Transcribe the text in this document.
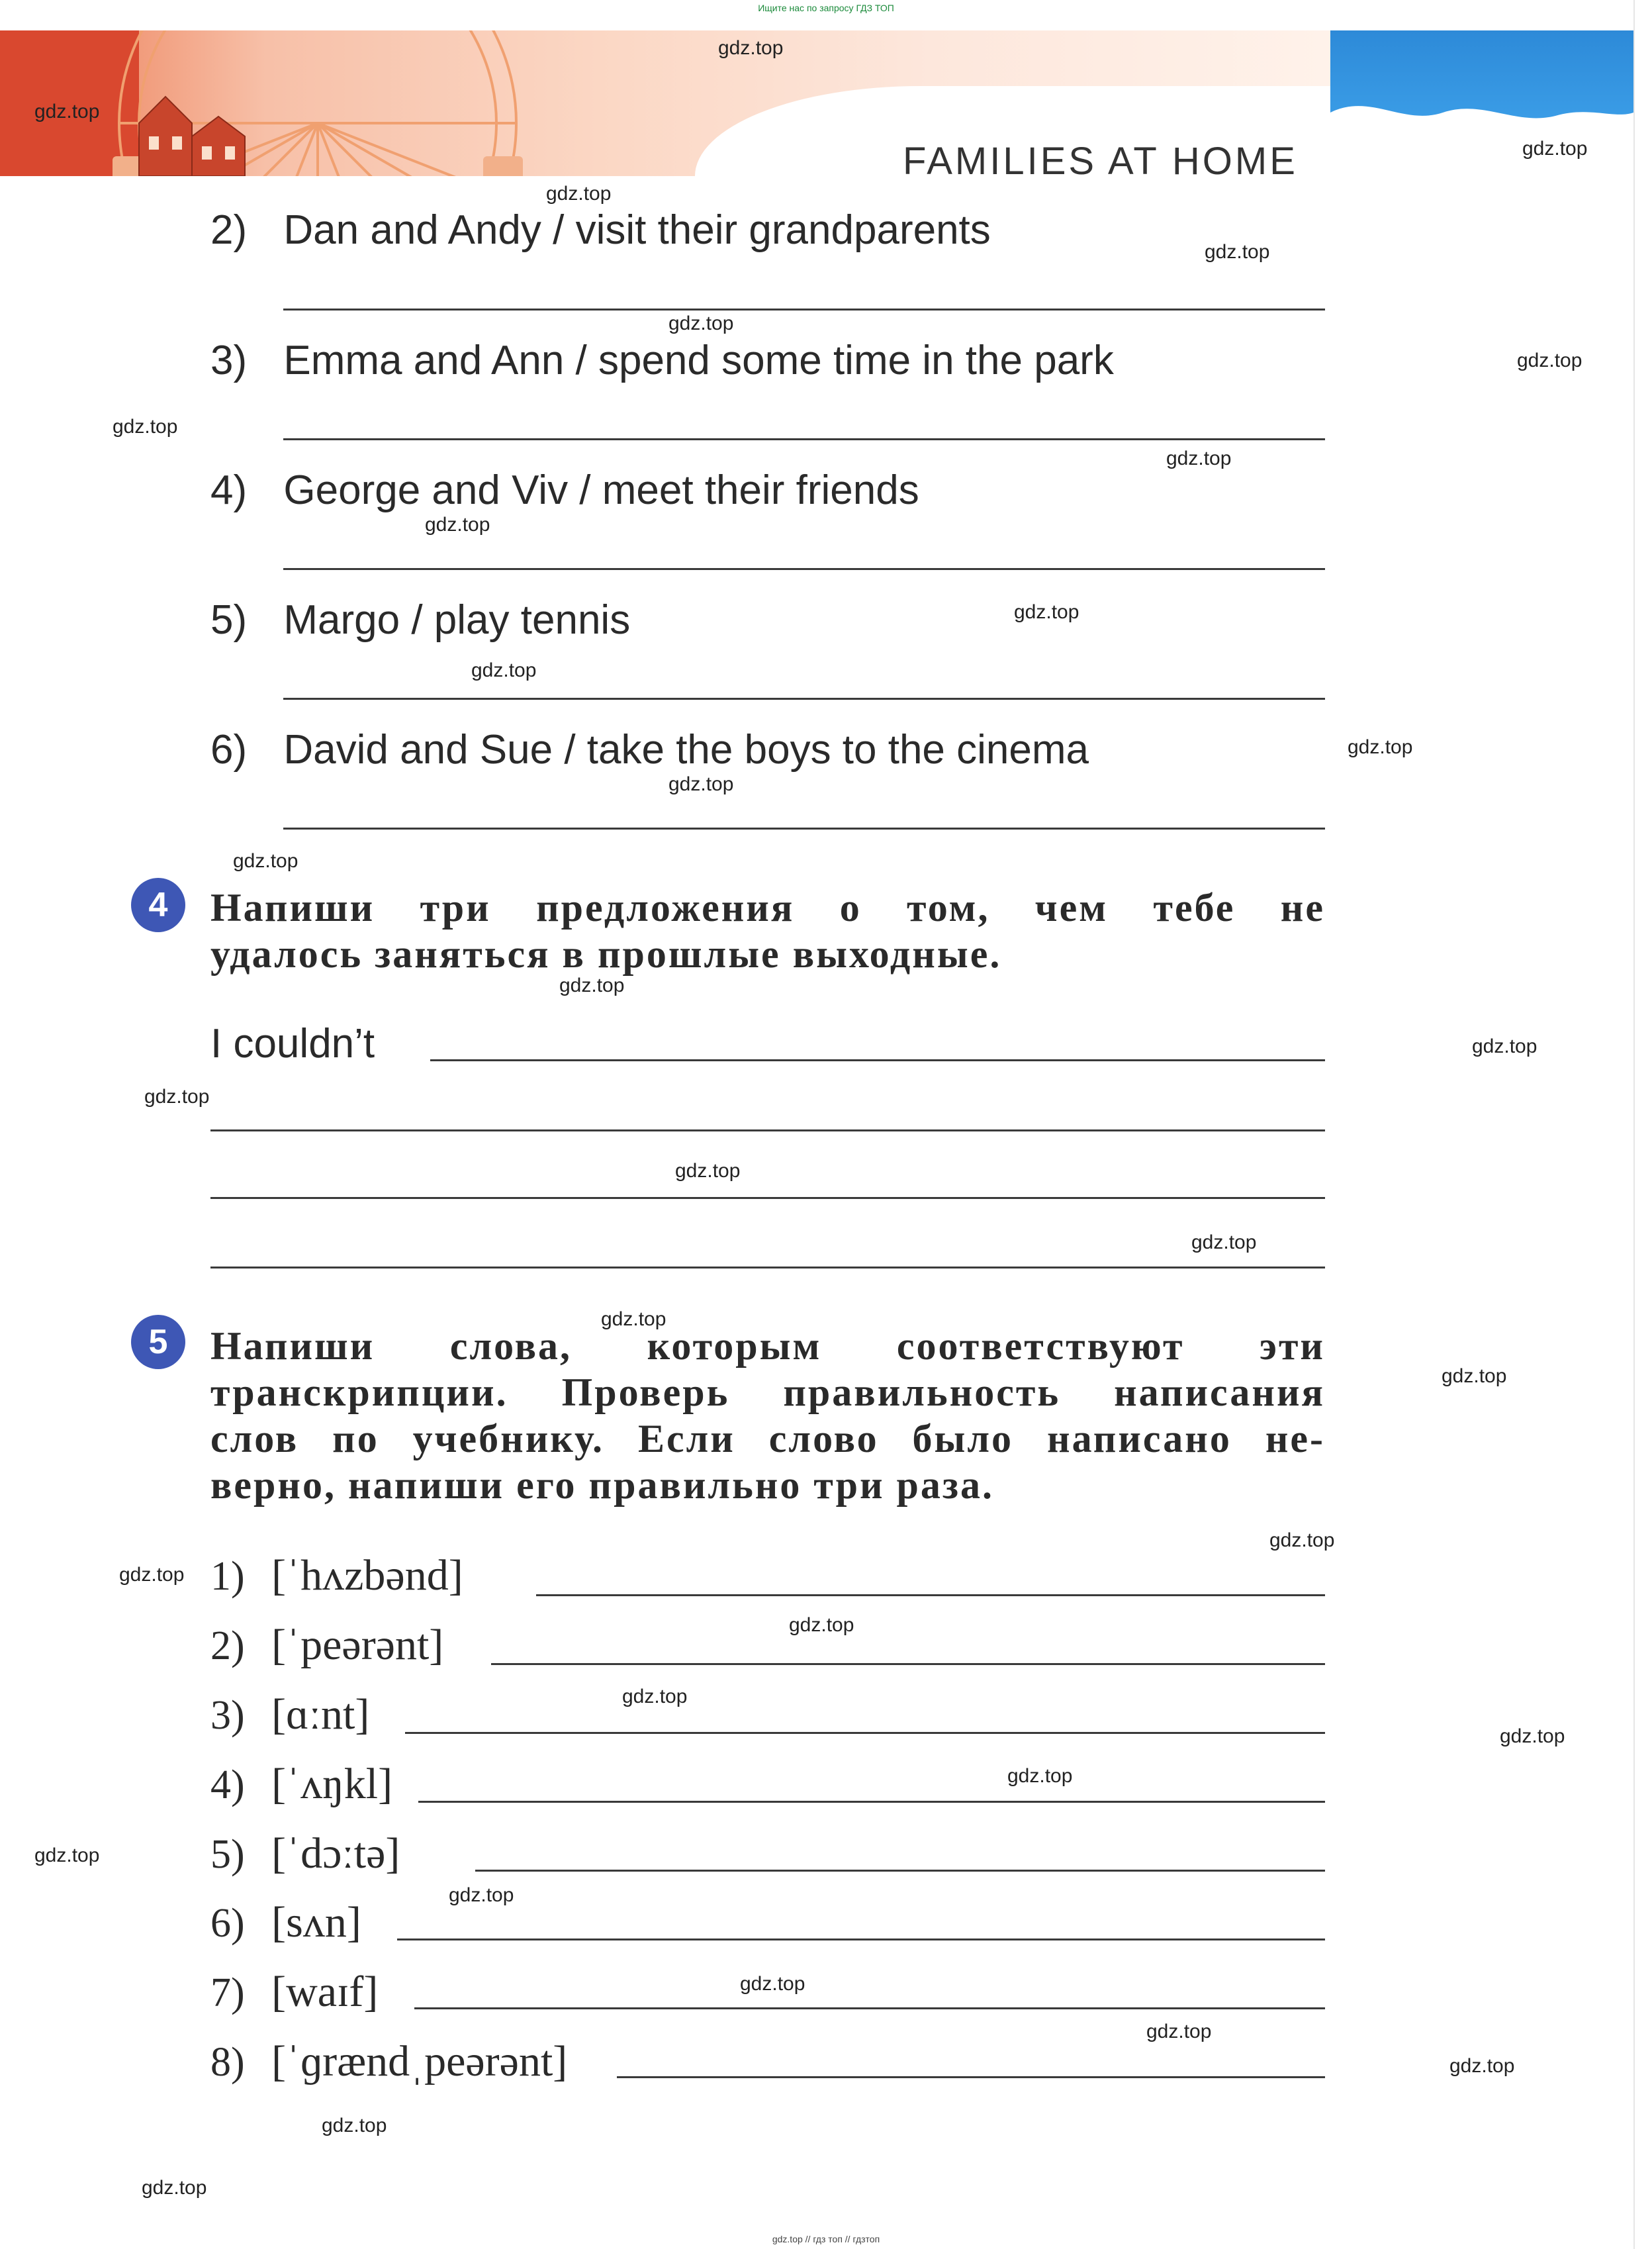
Ищите нас по запросу ГДЗ ТОП
21
FAMILIES AT HOME
2) Dan and Andy / visit their grandparents
3) Emma and Ann / spend some time in the park
4) George and Viv / meet their friends
5) Margo / play tennis
6) David and Sue / take the boys to the cinema
4	Напиши три предложения о том, чем тебе не
удалось заняться в прошлые выходные.
I couldn’t
5	Напиши слова, которым соответствуют эти
транскрипции. Проверь правильность написания
слов по учебнику. Если слово было написано не-
верно, напиши его правильно три раза.
1) [ˈhʌzbənd]
2) [ˈpeərənt]
3) [ɑːnt]
4) [ˈʌŋkl]
5) [ˈdɔːtə]
6) [sʌn]
7) [waɪf]
8) [ˈɡrændˌpeərənt]
gdz.top
gdz.top
gdz.top
gdz.top
gdz.top
gdz.top
gdz.top
gdz.top
gdz.top
gdz.top
gdz.top
gdz.top
gdz.top
gdz.top
gdz.top
gdz.top
gdz.top
gdz.top
gdz.top
gdz.top
gdz.top
gdz.top
gdz.top
gdz.top
gdz.top
gdz.top
gdz.top
gdz.top
gdz.top
gdz.top
gdz.top
gdz.top
gdz.top
gdz.top
gdz.top
gdz.top // гдз топ // гдзтоп
